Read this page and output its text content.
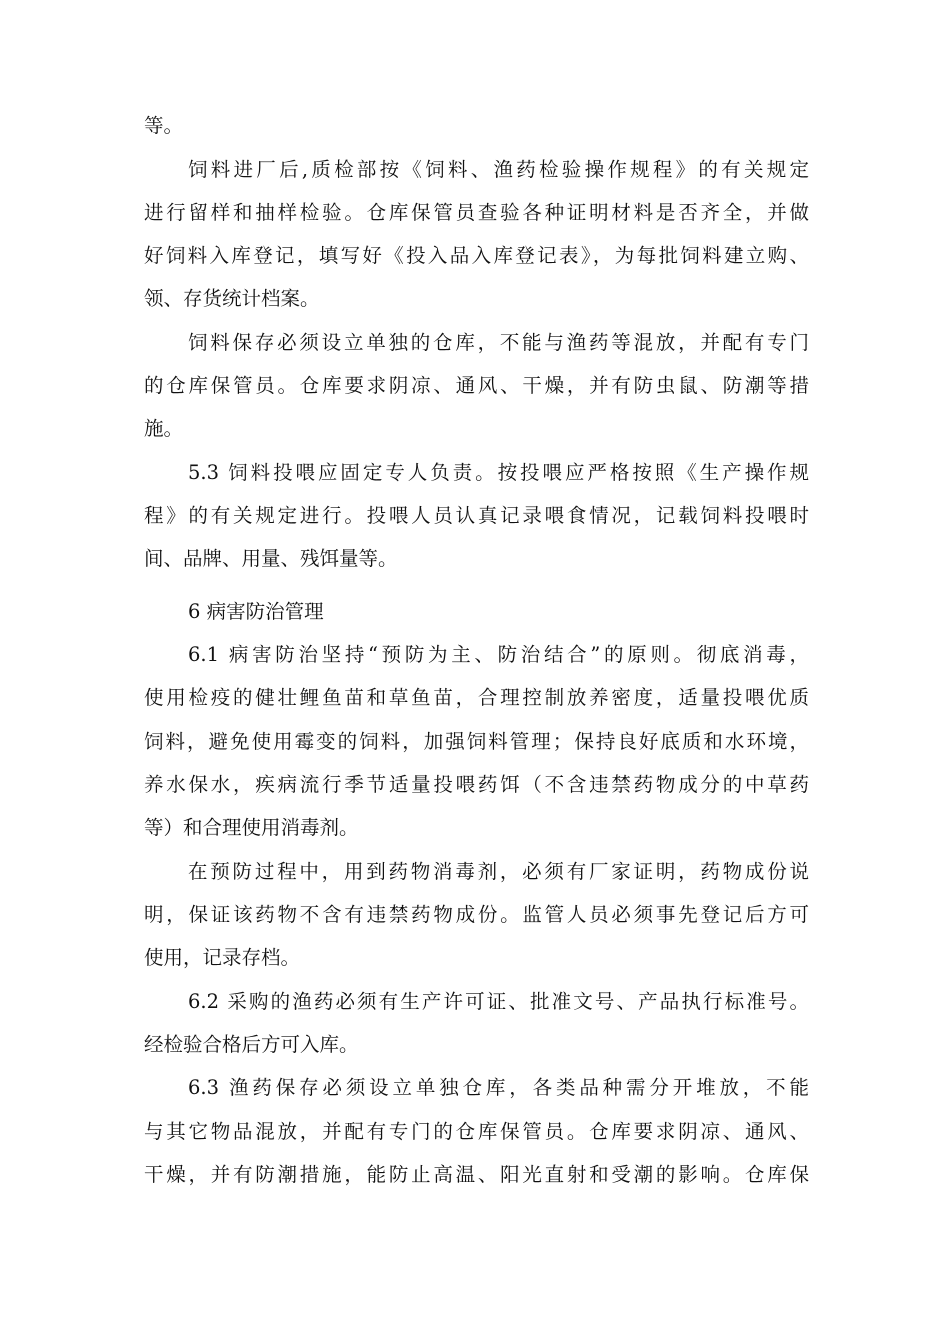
等。
饲料进厂后,质检部按《饲料、渔药检验操作规程》的有关规定
进行留样和抽样检验。仓库保管员查验各种证明材料是否齐全，并做
好饲料入库登记，填写好《投入品入库登记表》，为每批饲料建立购、
领、存货统计档案。
饲料保存必须设立单独的仓库，不能与渔药等混放，并配有专门
的仓库保管员。仓库要求阴凉、通风、干燥，并有防虫鼠、防潮等措
施。
5.3 饲料投喂应固定专人负责。按投喂应严格按照《生产操作规
程》的有关规定进行。投喂人员认真记录喂食情况，记载饲料投喂时
间、品牌、用量、残饵量等。
6 病害防治管理
6.1 病害防治坚持“预防为主、防治结合”的原则。彻底消毒，
使用检疫的健壮鲤鱼苗和草鱼苗，合理控制放养密度，适量投喂优质
饲料，避免使用霉变的饲料，加强饲料管理；保持良好底质和水环境，
养水保水，疾病流行季节适量投喂药饵（不含违禁药物成分的中草药
等）和合理使用消毒剂。
在预防过程中，用到药物消毒剂，必须有厂家证明，药物成份说
明，保证该药物不含有违禁药物成份。监管人员必须事先登记后方可
使用，记录存档。
6.2 采购的渔药必须有生产许可证、批准文号、产品执行标准号。
经检验合格后方可入库。
6.3 渔药保存必须设立单独仓库，各类品种需分开堆放，不能
与其它物品混放，并配有专门的仓库保管员。仓库要求阴凉、通风、
干燥，并有防潮措施，能防止高温、阳光直射和受潮的影响。仓库保
